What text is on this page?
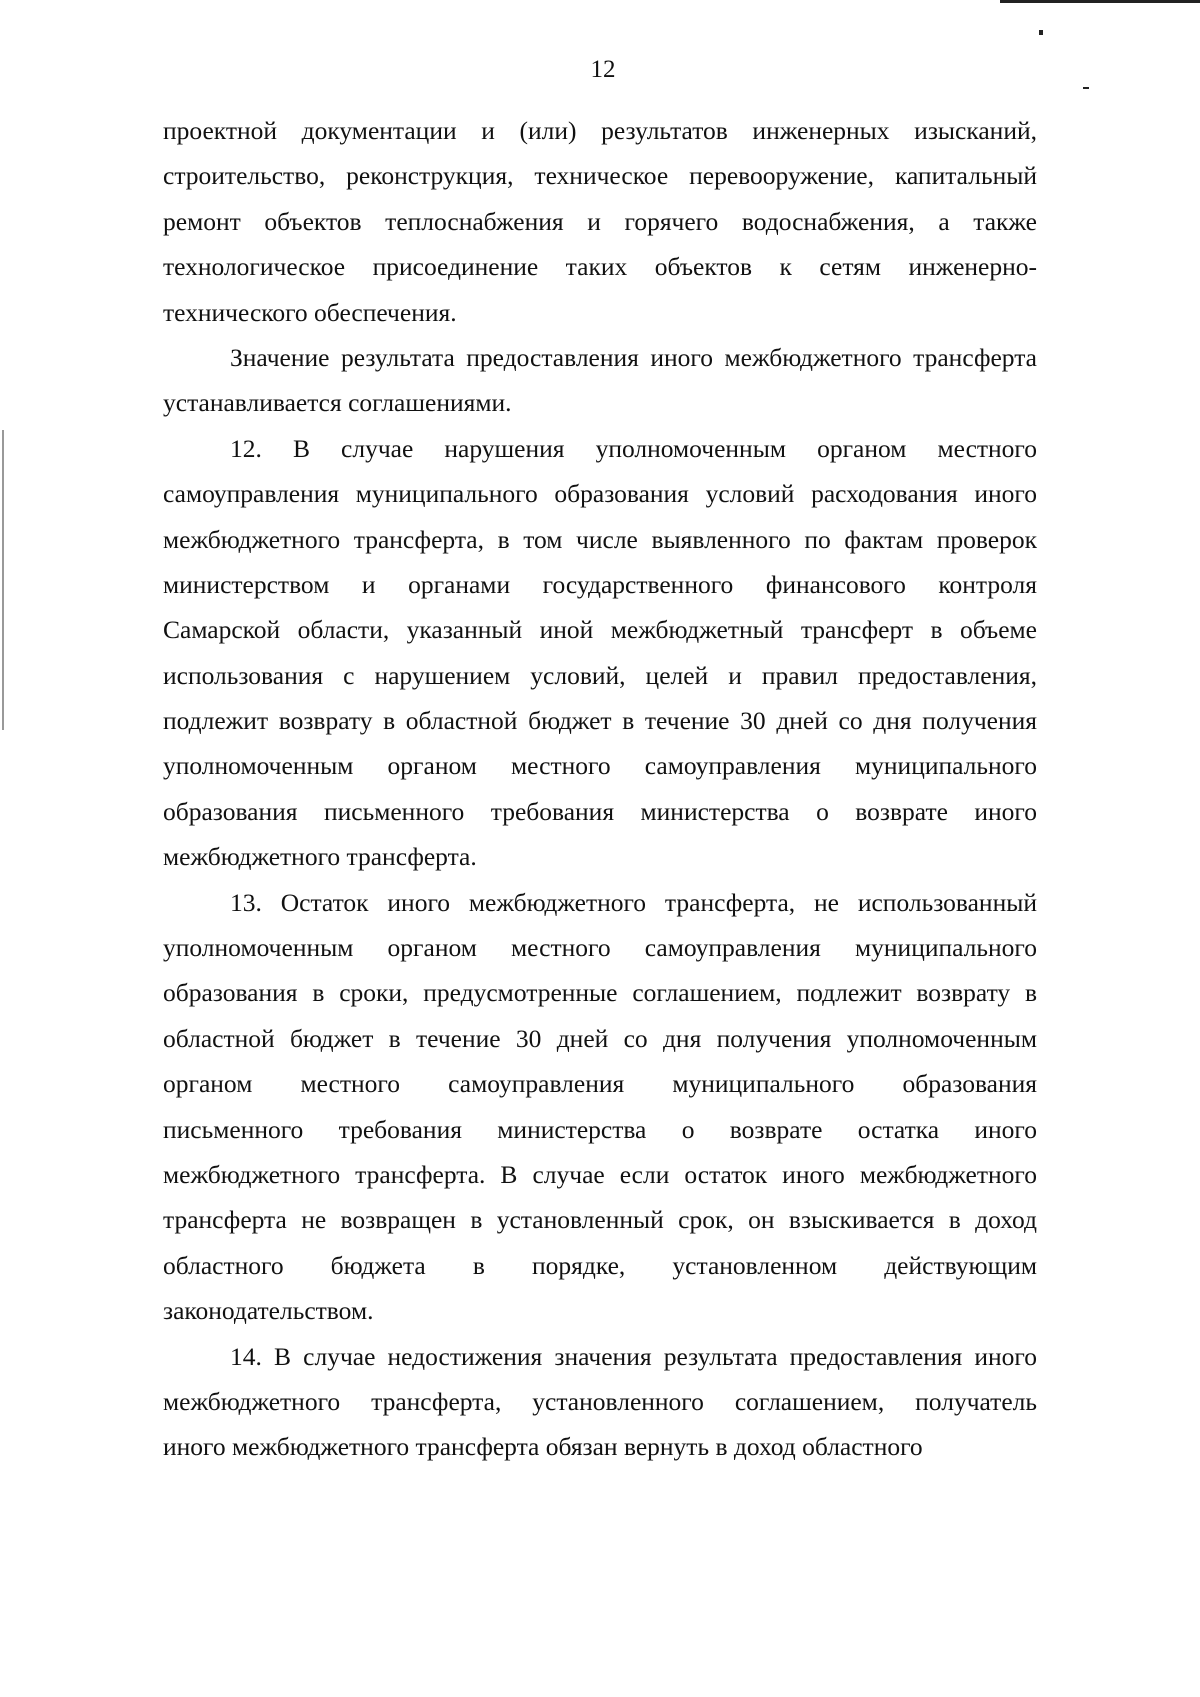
12
проектной документации и (или) результатов инженерных изысканий,
строительство, реконструкция, техническое перевооружение, капитальный
ремонт объектов теплоснабжения и горячего водоснабжения, а также
технологическое присоединение таких объектов к сетям инженерно-
технического обеспечения.
Значение результата предоставления иного межбюджетного трансферта
устанавливается соглашениями.
12. В случае нарушения уполномоченным органом местного
самоуправления муниципального образования условий расходования иного
межбюджетного трансферта, в том числе выявленного по фактам проверок
министерством и органами государственного финансового контроля
Самарской области, указанный иной межбюджетный трансферт в объеме
использования с нарушением условий, целей и правил предоставления,
подлежит возврату в областной бюджет в течение 30 дней со дня получения
уполномоченным органом местного самоуправления муниципального
образования письменного требования министерства о возврате иного
межбюджетного трансферта.
13. Остаток иного межбюджетного трансферта, не использованный
уполномоченным органом местного самоуправления муниципального
образования в сроки, предусмотренные соглашением, подлежит возврату в
областной бюджет в течение 30 дней со дня получения уполномоченным
органом местного самоуправления муниципального образования
письменного требования министерства о возврате остатка иного
межбюджетного трансферта. В случае если остаток иного межбюджетного
трансферта не возвращен в установленный срок, он взыскивается в доход
областного бюджета в порядке, установленном действующим
законодательством.
14. В случае недостижения значения результата предоставления иного
межбюджетного трансферта, установленного соглашением, получатель
иного межбюджетного трансферта обязан вернуть в доход областного
